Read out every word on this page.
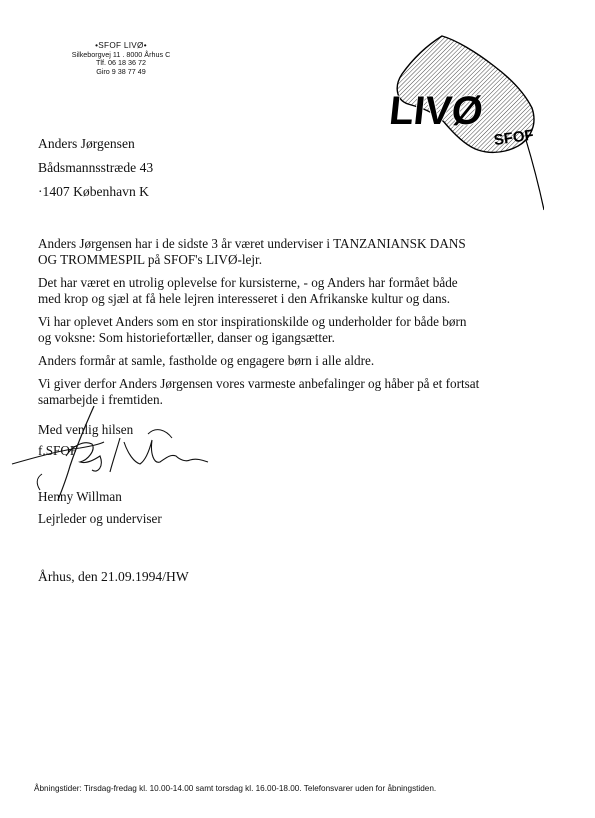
•SFOF LIVØ•
Silkeborgvej 11 . 8000 Århus C
Tlf. 06 18 36 72
Giro 9 38 77 49
LIVØ
SFOF
Anders Jørgensen
Bådsmannsstræde 43
·1407 København K

Anders Jørgensen har i de sidste 3 år været underviser i TANZANIANSK DANS
OG TROMMESPIL på SFOF's LIVØ-lejr.

Det har været en utrolig oplevelse for kursisterne, - og Anders har formået både
med krop og sjæl at få hele lejren interesseret i den Afrikanske kultur og dans.

Vi har oplevet Anders som en stor inspirationskilde og underholder for både børn
og voksne: Som historiefortæller, danser og igangsætter.

Anders formår at samle, fastholde og engagere børn i alle aldre.

Vi giver derfor Anders Jørgensen vores varmeste anbefalinger og håber på et fortsat
samarbejde i fremtiden.

Med venlig hilsen
f.SFOF
Henny Willman
Lejrleder og underviser
Århus, den 21.09.1994/HW
Åbningstider: Tirsdag-fredag kl. 10.00-14.00 samt torsdag kl. 16.00-18.00. Telefonsvarer uden for åbningstiden.
